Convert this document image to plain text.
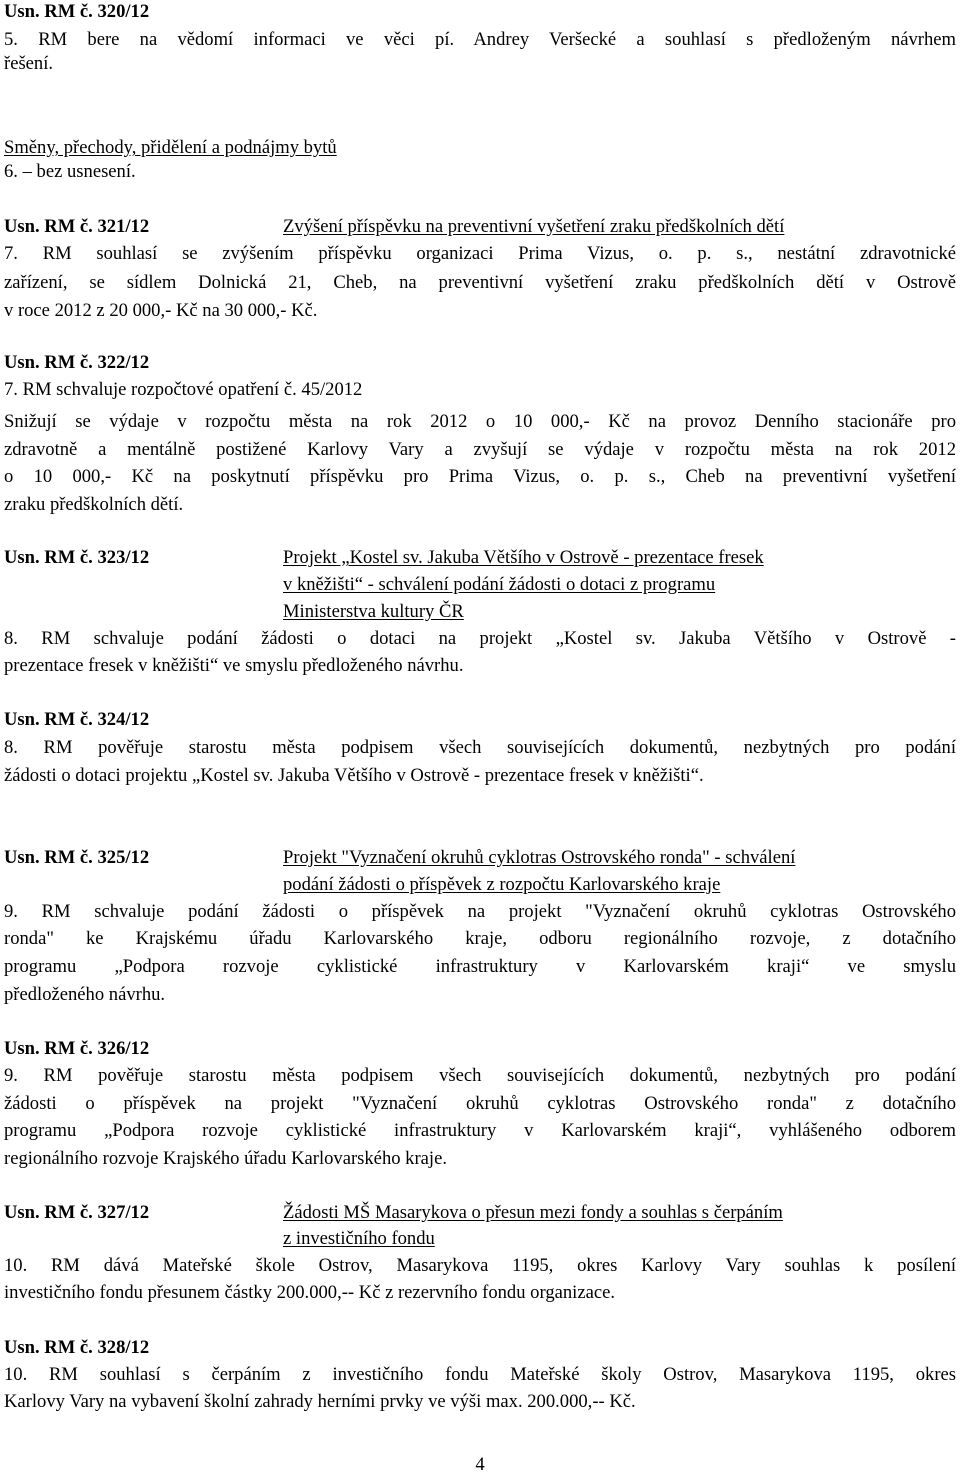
Usn. RM č. 320/12
5. RM bere na vědomí informaci ve věci pí. Andrey Veršecké a souhlasí s předloženým návrhem
řešení.
Směny, přechody, přidělení a podnájmy bytů
6. – bez usnesení.
Usn. RM č. 321/12	Zvýšení příspěvku na preventivní vyšetření zraku předškolních dětí
7. RM souhlasí se zvýšením příspěvku organizaci Prima Vizus, o. p. s., nestátní zdravotnické
zařízení, se sídlem Dolnická 21, Cheb, na preventivní vyšetření zraku předškolních dětí v Ostrově
v roce 2012 z 20 000,- Kč na 30 000,- Kč.
Usn. RM č. 322/12
7. RM schvaluje rozpočtové opatření č. 45/2012
Snižují se výdaje v rozpočtu města na rok 2012 o 10 000,- Kč na provoz Denního stacionáře pro
zdravotně a mentálně postižené Karlovy Vary a zvyšují se výdaje v rozpočtu města na rok 2012
o 10 000,- Kč na poskytnutí příspěvku pro Prima Vizus, o. p. s., Cheb na preventivní vyšetření
zraku předškolních dětí.
Usn. RM č. 323/12	Projekt „Kostel sv. Jakuba Většího v Ostrově - prezentace fresek
v kněžišti“ - schválení podání žádosti o dotaci z programu
Ministerstva kultury ČR
8. RM schvaluje podání žádosti o dotaci na projekt „Kostel sv. Jakuba Většího v Ostrově -
prezentace fresek v kněžišti“ ve smyslu předloženého návrhu.
Usn. RM č. 324/12
8. RM pověřuje starostu města podpisem všech souvisejících dokumentů, nezbytných pro podání
žádosti o dotaci projektu „Kostel sv. Jakuba Většího v Ostrově - prezentace fresek v kněžišti“.
Usn. RM č. 325/12	Projekt "Vyznačení okruhů cyklotras Ostrovského ronda" - schválení
podání žádosti o příspěvek z rozpočtu Karlovarského kraje
9. RM schvaluje podání žádosti o příspěvek na projekt "Vyznačení okruhů cyklotras Ostrovského
ronda" ke Krajskému úřadu Karlovarského kraje, odboru regionálního rozvoje, z dotačního
programu „Podpora rozvoje cyklistické infrastruktury v Karlovarském kraji“ ve smyslu
předloženého návrhu.
Usn. RM č. 326/12
9. RM pověřuje starostu města podpisem všech souvisejících dokumentů, nezbytných pro podání
žádosti o příspěvek na projekt "Vyznačení okruhů cyklotras Ostrovského ronda" z dotačního
programu „Podpora rozvoje cyklistické infrastruktury v Karlovarském kraji“, vyhlášeného odborem
regionálního rozvoje Krajského úřadu Karlovarského kraje.
Usn. RM č. 327/12	Žádosti MŠ Masarykova o přesun mezi fondy a souhlas s čerpáním
z investičního fondu
10. RM dává Mateřské škole Ostrov, Masarykova 1195, okres Karlovy Vary souhlas k posílení
investičního fondu přesunem částky 200.000,-- Kč z rezervního fondu organizace.
Usn. RM č. 328/12
10. RM souhlasí s čerpáním z investičního fondu Mateřské školy Ostrov, Masarykova 1195, okres
Karlovy Vary na vybavení školní zahrady herními prvky ve výši max. 200.000,-- Kč.
4
